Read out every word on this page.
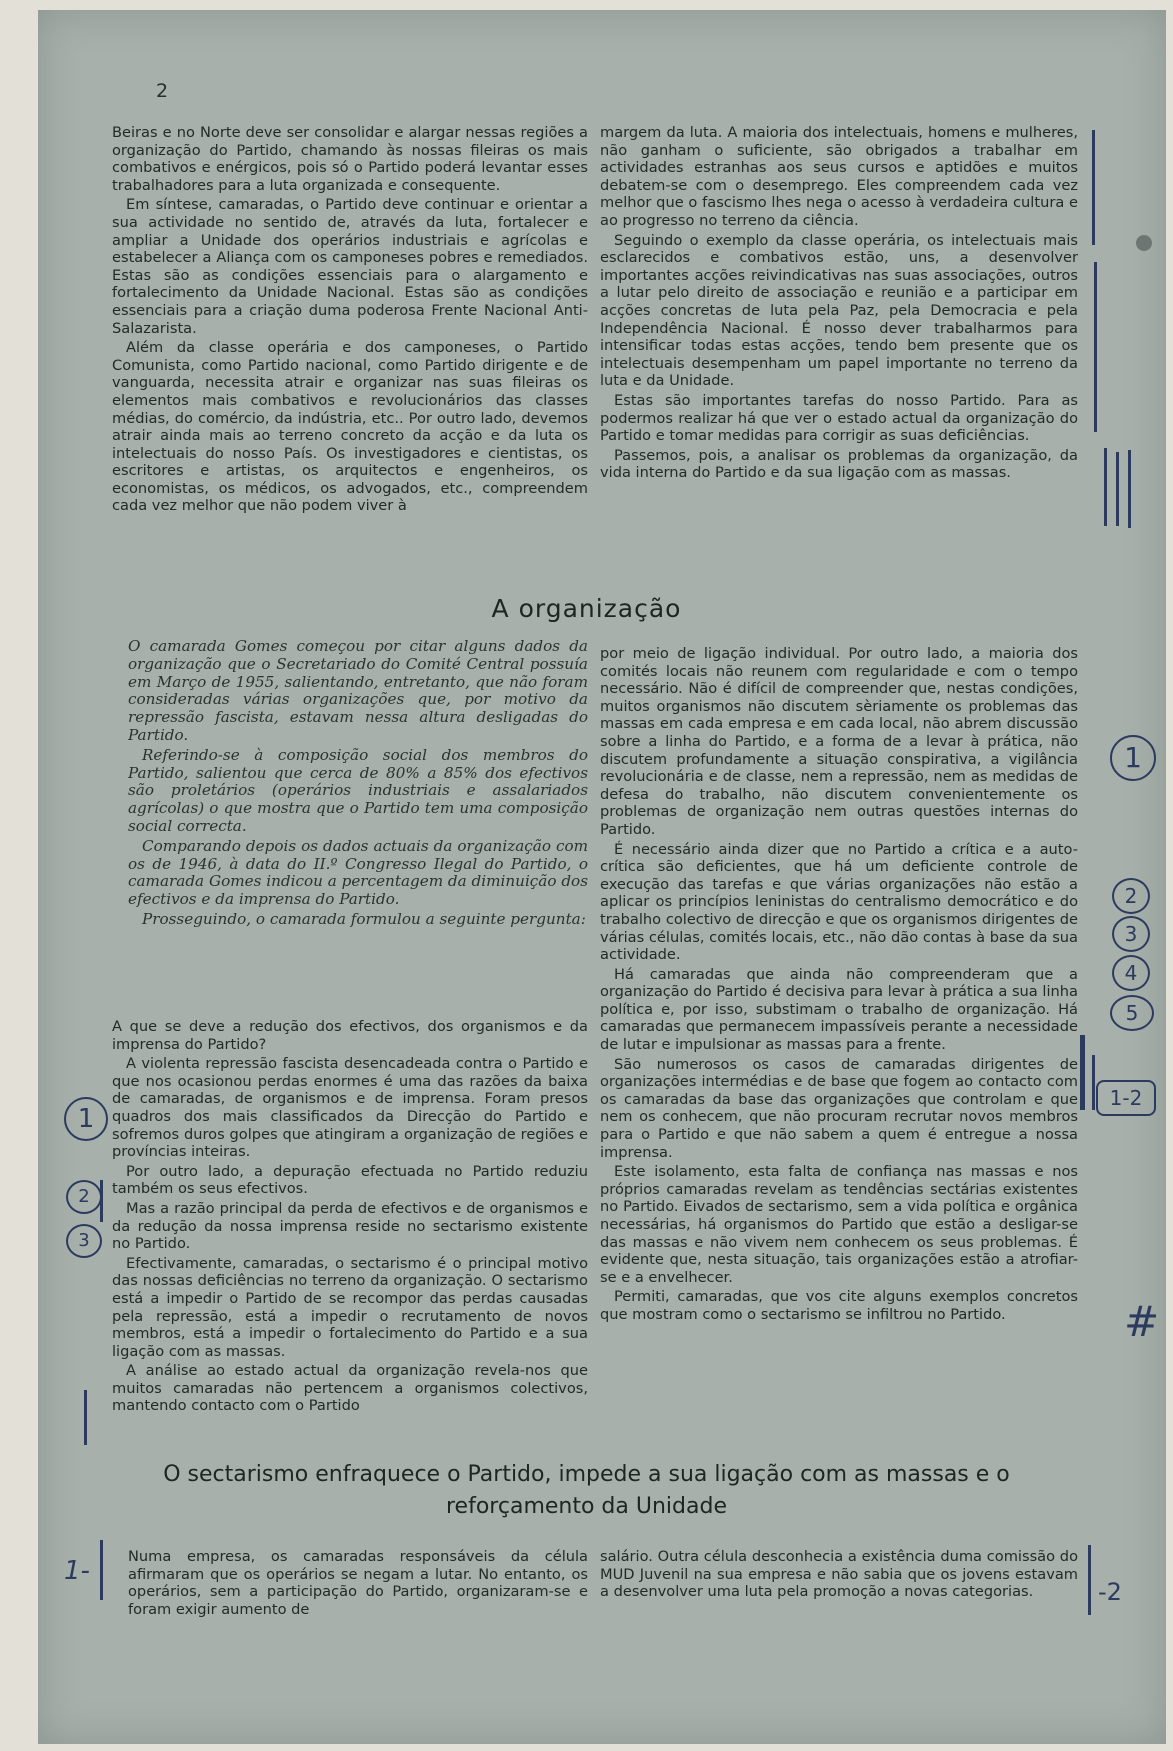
2

Beiras e no Norte deve ser consolidar e alargar nessas regiões a organização do Partido, chamando às nossas fileiras os mais combativos e enérgicos, pois só o Partido poderá levantar esses trabalhadores para a luta organizada e consequente.

Em síntese, camaradas, o Partido deve continuar e orientar a sua actividade no sentido de, através da luta, fortalecer e ampliar a Unidade dos operários industriais e agrícolas e estabelecer a Aliança com os camponeses pobres e remediados. Estas são as condições essenciais para o alargamento e fortalecimento da Unidade Nacional. Estas são as condições essenciais para a criação duma poderosa Frente Nacional Anti-Salazarista.

Além da classe operária e dos camponeses, o Partido Comunista, como Partido nacional, como Partido dirigente e de vanguarda, necessita atrair e organizar nas suas fileiras os elementos mais combativos e revolucionários das classes médias, do comércio, da indústria, etc.. Por outro lado, devemos atrair ainda mais ao terreno concreto da acção e da luta os intelectuais do nosso País. Os investigadores e cientistas, os escritores e artistas, os arquitectos e engenheiros, os economistas, os médicos, os advogados, etc., compreendem cada vez melhor que não podem viver à

margem da luta. A maioria dos intelectuais, homens e mulheres, não ganham o suficiente, são obrigados a trabalhar em actividades estranhas aos seus cursos e aptidões e muitos debatem-se com o desemprego. Eles compreendem cada vez melhor que o fascismo lhes nega o acesso à verdadeira cultura e ao progresso no terreno da ciência.

Seguindo o exemplo da classe operária, os intelectuais mais esclarecidos e combativos estão, uns, a desenvolver importantes acções reivindicativas nas suas associações, outros a lutar pelo direito de associação e reunião e a participar em acções concretas de luta pela Paz, pela Democracia e pela Independência Nacional. É nosso dever trabalharmos para intensificar todas estas acções, tendo bem presente que os intelectuais desempenham um papel importante no terreno da luta e da Unidade.

Estas são importantes tarefas do nosso Partido. Para as podermos realizar há que ver o estado actual da organização do Partido e tomar medidas para corrigir as suas deficiências.

Passemos, pois, a analisar os problemas da organização, da vida interna do Partido e da sua ligação com as massas.

A organização

O camarada Gomes começou por citar alguns dados da organização que o Secretariado do Comité Central possuía em Março de 1955, salientando, entretanto, que não foram consideradas várias organizações que, por motivo da repressão fascista, estavam nessa altura desligadas do Partido.

Referindo-se à composição social dos membros do Partido, salientou que cerca de 80% a 85% dos efectivos são proletários (operários industriais e assalariados agrícolas) o que mostra que o Partido tem uma composição social correcta.

Comparando depois os dados actuais da organização com os de 1946, à data do II.º Congresso Ilegal do Partido, o camarada Gomes indicou a percentagem da diminuição dos efectivos e da imprensa do Partido.

Prosseguindo, o camarada formulou a seguinte pergunta:

A que se deve a redução dos efectivos, dos organismos e da imprensa do Partido?

A violenta repressão fascista desencadeada contra o Partido e que nos ocasionou perdas enormes é uma das razões da baixa de camaradas, de organismos e de imprensa. Foram presos quadros dos mais classificados da Direcção do Partido e sofremos duros golpes que atingiram a organização de regiões e províncias inteiras.

Por outro lado, a depuração efectuada no Partido reduziu também os seus efectivos.

Mas a razão principal da perda de efectivos e de organismos e da redução da nossa imprensa reside no sectarismo existente no Partido.

Efectivamente, camaradas, o sectarismo é o principal motivo das nossas deficiências no terreno da organização. O sectarismo está a impedir o Partido de se recompor das perdas causadas pela repressão, está a impedir o recrutamento de novos membros, está a impedir o fortalecimento do Partido e a sua ligação com as massas.

A análise ao estado actual da organização revela-nos que muitos camaradas não pertencem a organismos colectivos, mantendo contacto com o Partido

por meio de ligação individual. Por outro lado, a maioria dos comités locais não reunem com regularidade e com o tempo necessário. Não é difícil de compreender que, nestas condições, muitos organismos não discutem sèriamente os problemas das massas em cada empresa e em cada local, não abrem discussão sobre a linha do Partido, e a forma de a levar à prática, não discutem profundamente a situação conspirativa, a vigilância revolucionária e de classe, nem a repressão, nem as medidas de defesa do trabalho, não discutem convenientemente os problemas de organização nem outras questões internas do Partido.

É necessário ainda dizer que no Partido a crítica e a auto-crítica são deficientes, que há um deficiente controle de execução das tarefas e que várias organizações não estão a aplicar os princípios leninistas do centralismo democrático e do trabalho colectivo de direcção e que os organismos dirigentes de várias células, comités locais, etc., não dão contas à base da sua actividade.

Há camaradas que ainda não compreenderam que a organização do Partido é decisiva para levar à prática a sua linha política e, por isso, substimam o trabalho de organização. Há camaradas que permanecem impassíveis perante a necessidade de lutar e impulsionar as massas para a frente.

São numerosos os casos de camaradas dirigentes de organizações intermédias e de base que fogem ao contacto com os camaradas da base das organizações que controlam e que nem os conhecem, que não procuram recrutar novos membros para o Partido e que não sabem a quem é entregue a nossa imprensa.

Este isolamento, esta falta de confiança nas massas e nos próprios camaradas revelam as tendências sectárias existentes no Partido. Eivados de sectarismo, sem a vida política e orgânica necessárias, há organismos do Partido que estão a desligar-se das massas e não vivem nem conhecem os seus problemas. É evidente que, nesta situação, tais organizações estão a atrofiar-se e a envelhecer.

Permiti, camaradas, que vos cite alguns exemplos concretos que mostram como o sectarismo se infiltrou no Partido.

O sectarismo enfraquece o Partido, impede a sua ligação com as massas e o reforçamento da Unidade

Numa empresa, os camaradas responsáveis da célula afirmaram que os operários se negam a lutar. No entanto, os operários, sem a participação do Partido, organizaram-se e foram exigir aumento de

salário. Outra célula desconhecia a existência duma comissão do MUD Juvenil na sua empresa e não sabia que os jovens estavam a desenvolver uma luta pela promoção a novas categorias.

1
2
3
4
5
1-2
1
2
3
#
1-
-2
